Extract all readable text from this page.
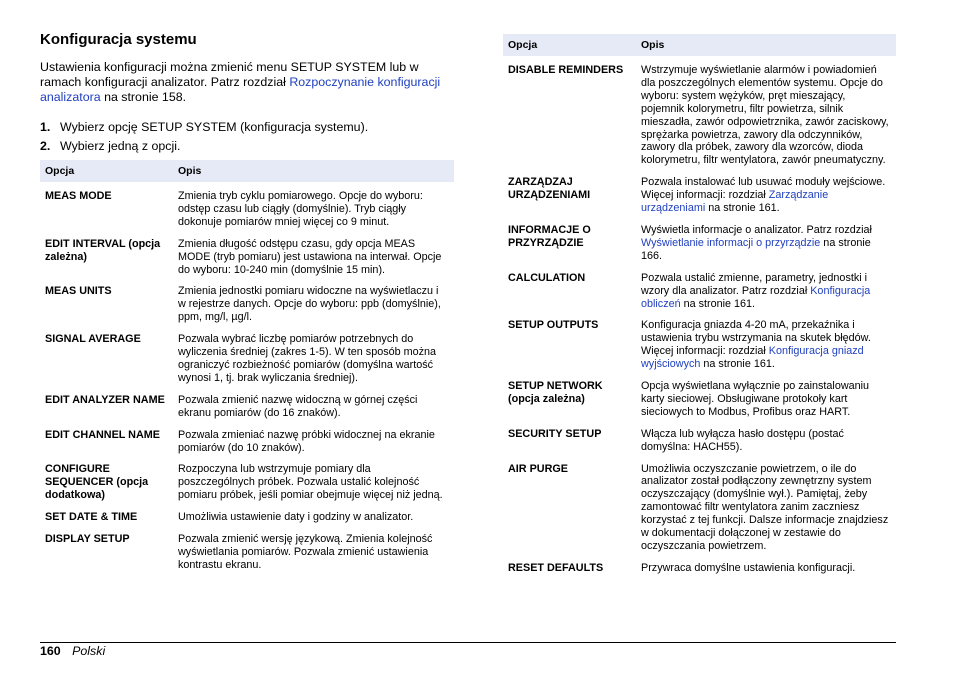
Konfiguracja systemu

Ustawienia konfiguracji można zmienić menu SETUP SYSTEM lub w ramach konfiguracji analizator. Patrz rozdział Rozpoczynanie konfiguracji analizatora na stronie 158.

1. Wybierz opcję SETUP SYSTEM (konfiguracja systemu).
2. Wybierz jedną z opcji.
Opcja	Opis
MEAS MODE	Zmienia tryb cyklu pomiarowego. Opcje do wyboru: odstęp czasu lub ciągły (domyślnie). Tryb ciągły dokonuje pomiarów mniej więcej co 9 minut.
EDIT INTERVAL (opcja zależna)	Zmienia długość odstępu czasu, gdy opcja MEAS MODE (tryb pomiaru) jest ustawiona na interwał. Opcje do wyboru: 10-240 min (domyślnie 15 min).
MEAS UNITS	Zmienia jednostki pomiaru widoczne na wyświetlaczu i w rejestrze danych. Opcje do wyboru: ppb (domyślnie), ppm, mg/l, µg/l.
SIGNAL AVERAGE	Pozwala wybrać liczbę pomiarów potrzebnych do wyliczenia średniej (zakres 1-5). W ten sposób można ograniczyć rozbieżność pomiarów (domyślna wartość wynosi 1, tj. brak wyliczania średniej).
EDIT ANALYZER NAME	Pozwala zmienić nazwę widoczną w górnej części ekranu pomiarów (do 16 znaków).
EDIT CHANNEL NAME	Pozwala zmieniać nazwę próbki widocznej na ekranie pomiarów (do 10 znaków).
CONFIGURE SEQUENCER (opcja dodatkowa)	Rozpoczyna lub wstrzymuje pomiary dla poszczególnych próbek. Pozwala ustalić kolejność pomiaru próbek, jeśli pomiar obejmuje więcej niż jedną.
SET DATE & TIME	Umożliwia ustawienie daty i godziny w analizator.
DISPLAY SETUP	Pozwala zmienić wersję językową. Zmienia kolejność wyświetlania pomiarów. Pozwala zmienić ustawienia kontrastu ekranu.
Opcja	Opis
DISABLE REMINDERS	Wstrzymuje wyświetlanie alarmów i powiadomień dla poszczególnych elementów systemu. Opcje do wyboru: system wężyków, pręt mieszający, pojemnik kolorymetru, filtr powietrza, silnik mieszadła, zawór odpowietrznika, zawór zaciskowy, sprężarka powietrza, zawory dla odczynników, zawory dla próbek, zawory dla wzorców, dioda kolorymetru, filtr wentylatora, zawór pneumatyczny.
ZARZĄDZAJ URZĄDZENIAMI	Pozwala instalować lub usuwać moduły wejściowe. Więcej informacji: rozdział Zarządzanie urządzeniami na stronie 161.
INFORMACJE O PRZYRZĄDZIE	Wyświetla informacje o analizator. Patrz rozdział Wyświetlanie informacji o przyrządzie na stronie 166.
CALCULATION	Pozwala ustalić zmienne, parametry, jednostki i wzory dla analizator. Patrz rozdział Konfiguracja obliczeń na stronie 161.
SETUP OUTPUTS	Konfiguracja gniazda 4-20 mA, przekaźnika i ustawienia trybu wstrzymania na skutek błędów. Więcej informacji: rozdział Konfiguracja gniazd wyjściowych na stronie 161.
SETUP NETWORK (opcja zależna)	Opcja wyświetlana wyłącznie po zainstalowaniu karty sieciowej. Obsługiwane protokoły kart sieciowych to Modbus, Profibus oraz HART.
SECURITY SETUP	Włącza lub wyłącza hasło dostępu (postać domyślna: HACH55).
AIR PURGE	Umożliwia oczyszczanie powietrzem, o ile do analizator został podłączony zewnętrzny system oczyszczający (domyślnie wył.). Pamiętaj, żeby zamontować filtr wentylatora zanim zaczniesz korzystać z tej funkcji. Dalsze informacje znajdziesz w dokumentacji dołączonej w zestawie do oczyszczania powietrzem.
RESET DEFAULTS	Przywraca domyślne ustawienia konfiguracji.
160 Polski
